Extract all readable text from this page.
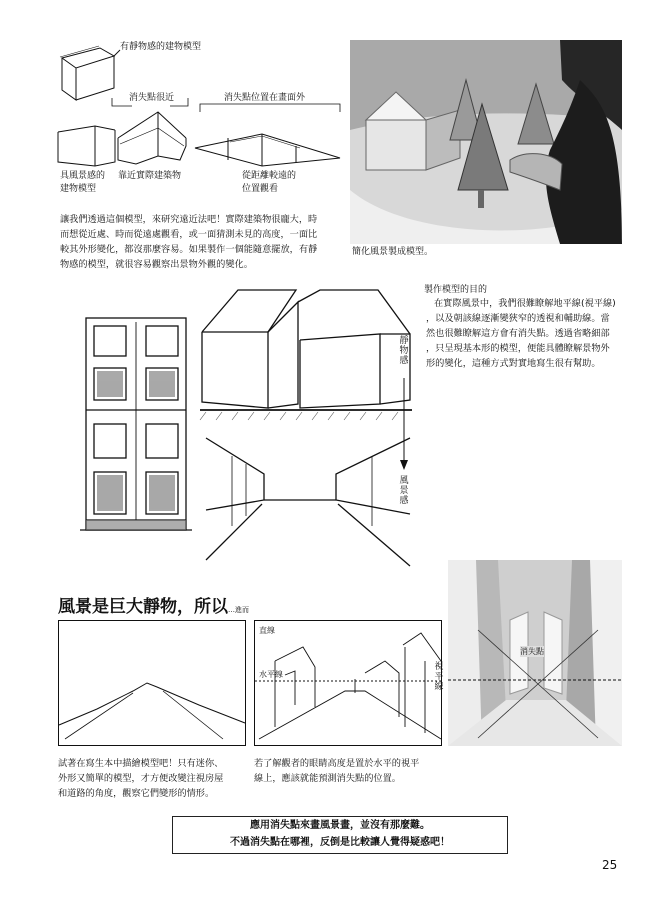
有靜物感的建物模型
消失點很近	消失點位置在畫面外
具風景感的
建物模型
靠近實際建築物	從距離較遠的
位置觀看
讓我們透過這個模型，來研究遠近法吧！實際建築物很龐大，時
而想從近處、時而從遠處觀看，或一面猜測未見的高度，一面比
較其外形變化，都沒那麼容易。如果製作一個能隨意擺放，有靜
物感的模型，就很容易觀察出景物外觀的變化。
簡化風景製成模型。
製作模型的目的
在實際風景中，我們很難瞭解地平線(視平線)
，以及朝該線逐漸變狹窄的透視和輔助線。當
然也很難瞭解這方會有消失點。透過省略細部
，只呈現基本形的模型，便能具體瞭解景物外
形的變化，這種方式對實地寫生很有幫助。
靜物感
風景感
風景是巨大靜物，所以…進而
直線
水平線
消失點
視平線
試著在寫生本中描繪模型吧！只有迷你、
外形又簡單的模型，才方便改變注視房屋
和道路的角度，觀察它們變形的情形。
若了解觀者的眼睛高度是置於水平的視平
線上，應該就能預測消失點的位置。
應用消失點來畫風景畫，並沒有那麼難。
不過消失點在哪裡，反倒是比較讓人覺得疑惑吧！
25
